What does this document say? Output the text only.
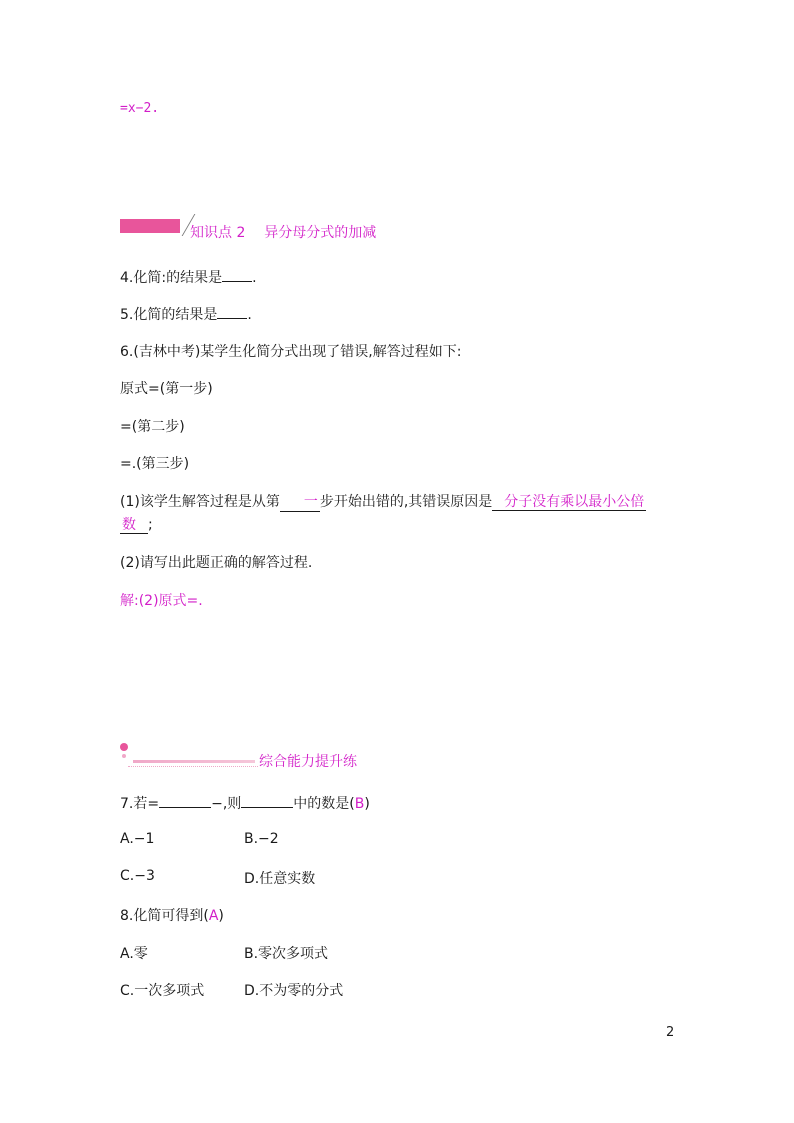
=x−2.
知识点 2 异分母分式的加减
4.化简:的结果是 .
5.化简的结果是 .
6.(吉林中考)某学生化简分式出现了错误,解答过程如下:
原式=(第一步)
=(第二步)
=.(第三步)
(1)该学生解答过程是从第 一 步开始出错的,其错误原因是 分子没有乘以最小公倍
数 ;
(2)请写出此题正确的解答过程.
解:(2)原式=.
综合能力提升练
7.若=	−,则	中的数是(B)
A.−1	B.−2
C.−3	D.任意实数
8.化简可得到(A)
A.零	B.零次多项式
C.一次多项式	D.不为零的分式
2
